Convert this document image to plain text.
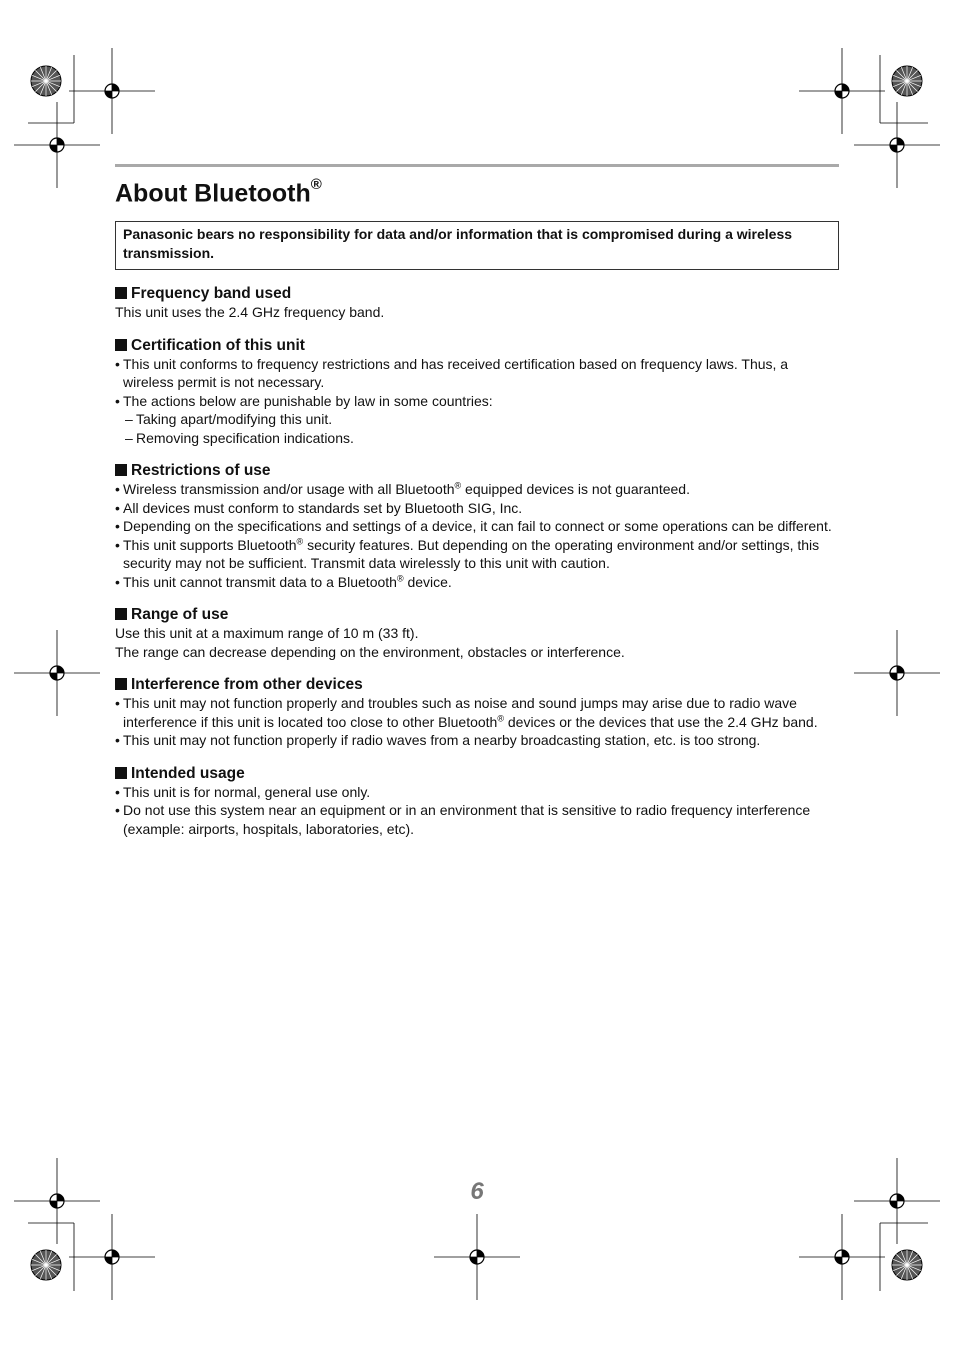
About Bluetooth®
Panasonic bears no responsibility for data and/or information that is compromised during a wireless transmission.
Frequency band used
This unit uses the 2.4 GHz frequency band.
Certification of this unit
• This unit conforms to frequency restrictions and has received certification based on frequency laws. Thus, a wireless permit is not necessary.
• The actions below are punishable by law in some countries:
– Taking apart/modifying this unit.
– Removing specification indications.
Restrictions of use
• Wireless transmission and/or usage with all Bluetooth® equipped devices is not guaranteed.
• All devices must conform to standards set by Bluetooth SIG, Inc.
• Depending on the specifications and settings of a device, it can fail to connect or some operations can be different.
• This unit supports Bluetooth® security features. But depending on the operating environment and/or settings, this security may not be sufficient. Transmit data wirelessly to this unit with caution.
• This unit cannot transmit data to a Bluetooth® device.
Range of use
Use this unit at a maximum range of 10 m (33 ft).
The range can decrease depending on the environment, obstacles or interference.
Interference from other devices
• This unit may not function properly and troubles such as noise and sound jumps may arise due to radio wave interference if this unit is located too close to other Bluetooth® devices or the devices that use the 2.4 GHz band.
• This unit may not function properly if radio waves from a nearby broadcasting station, etc. is too strong.
Intended usage
• This unit is for normal, general use only.
• Do not use this system near an equipment or in an environment that is sensitive to radio frequency interference (example: airports, hospitals, laboratories, etc).
6
